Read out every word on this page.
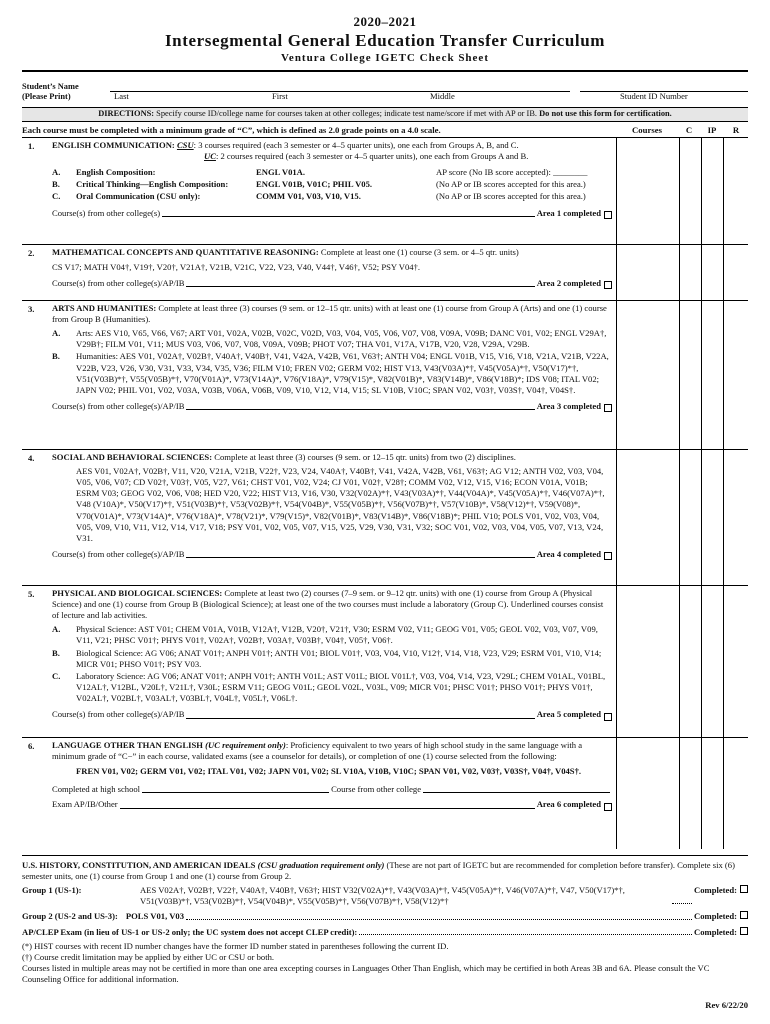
2020–2021
Intersegmental General Education Transfer Curriculum
Ventura College IGETC Check Sheet
Student’s Name
(Please Print)	Last	First	Middle	Student ID Number
DIRECTIONS: Specify course ID/college name for courses taken at other colleges; indicate test name/score if met with AP or IB. Do not use this form for certification.
Each course must be completed with a minimum grade of “C”, which is defined as 2.0 grade points on a 4.0 scale.	Courses	C	IP	R
1. ENGLISH COMMUNICATION: CSU: 3 courses required (each 3 semester or 4–5 quarter units), one each from Groups A, B, and C.
UC: 2 courses required (each 3 semester or 4–5 quarter units), one each from Groups A and B.
A.	English Composition:	ENGL V01A.	AP score (No IB score accepted): ________
B.	Critical Thinking—English Composition:	ENGL V01B, V01C; PHIL V05.	(No AP or IB scores accepted for this area.)
C.	Oral Communication (CSU only):	COMM V01, V03, V10, V15.	(No AP or IB scores accepted for this area.)
Course(s) from other college(s)	Area 1 completed
2. MATHEMATICAL CONCEPTS AND QUANTITATIVE REASONING: Complete at least one (1) course (3 sem. or 4–5 qtr. units)
CS V17; MATH V04†, V19†, V20†, V21A†, V21B, V21C, V22, V23, V40, V44†, V46†, V52; PSY V04†.
Course(s) from other college(s)/AP/IB	Area 2 completed
3. ARTS AND HUMANITIES: Complete at least three (3) courses (9 sem. or 12–15 qtr. units) with at least one (1) course from Group A (Arts) and one (1) course from Group B (Humanities).
A.	Arts: AES V10, V65, V66, V67; ART V01, V02A, V02B, V02C, V02D, V03, V04, V05, V06, V07, V08, V09A, V09B; DANC V01, V02; ENGL V29A†, V29B†; FILM V01, V11; MUS V03, V06, V07, V08, V09A, V09B; PHOT V07; THA V01, V17A, V17B, V20, V28, V29A, V29B.
B.	Humanities: AES V01, V02A†, V02B†, V40A†, V40B†, V41, V42A, V42B, V61, V63†; ANTH V04; ENGL V01B, V15, V16, V18, V21A, V21B, V22A, V22B, V23, V26, V30, V31, V33, V34, V35, V36; FILM V10; FREN V02; GERM V02; HIST V13, V43(V03A)*†, V45(V05A)*†, V50(V17)*†, V51(V03B)*†, V55(V05B)*†, V70(V01A)*, V73(V14A)*, V76(V18A)*, V79(V15)*, V82(V01B)*, V83(V14B)*, V86(V18B)*; IDS V08; ITAL V02; JAPN V02; PHIL V01, V02, V03A, V03B, V06A, V06B, V09, V10, V12, V14, V15; SL V10B, V10C; SPAN V02, V03†, V03S†, V04†, V04S†.
Course(s) from other college(s)/AP/IB	Area 3 completed
4. SOCIAL AND BEHAVIORAL SCIENCES: Complete at least three (3) courses (9 sem. or 12–15 qtr. units) from two (2) disciplines.
AES V01, V02A†, V02B†, V11, V20, V21A, V21B, V22†, V23, V24, V40A†, V40B†, V41, V42A, V42B, V61, V63†; AG V12; ANTH V02, V03, V04, V05, V06, V07; CD V02†, V03†, V05, V27, V61; CHST V01, V02, V24; CJ V01, V02†, V28†; COMM V02, V12, V15, V16; ECON V01A, V01B; ESRM V03; GEOG V02, V06, V08; HED V20, V22; HIST V13, V16, V30, V32(V02A)*†, V43(V03A)*†, V44(V04A)*, V45(V05A)*†, V46(V07A)*†, V48 (V10A)*, V50(V17)*†, V51(V03B)*†, V53(V02B)*†, V54(V04B)*, V55(V05B)*†, V56(V07B)*†, V57(V10B)*, V58(V12)*†, V59(V08)*, V70(V01A)*, V73(V14A)*, V76(V18A)*, V78(V21)*, V79(V15)*, V82(V01B)*, V83(V14B)*, V86(V18B)*; PHIL V10; POLS V01, V02, V03, V04, V05, V09, V10, V11, V12, V14, V17, V18; PSY V01, V02, V05, V07, V15, V25, V29, V30, V31, V32; SOC V01, V02, V03, V04, V05, V07, V13, V24, V31.
Course(s) from other college(s)/AP/IB	Area 4 completed
5. PHYSICAL AND BIOLOGICAL SCIENCES: Complete at least two (2) courses (7–9 sem. or 9–12 qtr. units) with one (1) course from Group A (Physical Science) and one (1) course from Group B (Biological Science); at least one of the two courses must include a laboratory (Group C). Underlined courses consist of lecture and lab activities.
A.	Physical Science: AST V01; CHEM V01A, V01B, V12A†, V12B, V20†, V21†, V30; ESRM V02, V11; GEOG V01, V05; GEOL V02, V03, V07, V09, V11, V21; PHSC V01†; PHYS V01†, V02A†, V02B†, V03A†, V03B†, V04†, V05†, V06†.
B.	Biological Science: AG V06; ANAT V01†; ANPH V01†; ANTH V01; BIOL V01†, V03, V04, V10, V12†, V14, V18, V23, V29; ESRM V01, V10, V14; MICR V01; PHSO V01†; PSY V03.
C.	Laboratory Science: AG V06; ANAT V01†; ANPH V01†; ANTH V01L; AST V01L; BIOL V01L†, V03, V04, V14, V23, V29L; CHEM V01AL, V01BL, V12AL†, V12BL, V20L†, V21L†, V30L; ESRM V11; GEOG V01L; GEOL V02L, V03L, V09; MICR V01; PHSC V01†; PHSO V01†; PHYS V01†, V02AL†, V02BL†, V03AL†, V03BL†, V04L†, V05L†, V06L†.
Course(s) from other college(s)/AP/IB	Area 5 completed
6. LANGUAGE OTHER THAN ENGLISH (UC requirement only): Proficiency equivalent to two years of high school study in the same language with a minimum grade of “C−” in each course, validated exams (see a counselor for details), or completion of one (1) course selected from the following:
FREN V01, V02; GERM V01, V02; ITAL V01, V02; JAPN V01, V02; SL V10A, V10B, V10C; SPAN V01, V02, V03†, V03S†, V04†, V04S†.
Completed at high school	Course from other college
Exam AP/IB/Other	Area 6 completed
U.S. HISTORY, CONSTITUTION, AND AMERICAN IDEALS (CSU graduation requirement only) (These are not part of IGETC but are recommended for completion before transfer). Complete six (6) semester units, one (1) course from Group 1 and one (1) course from Group 2.
Group 1 (US-1):	AES V02A†, V02B†, V22†, V40A†, V40B†, V63†; HIST V32(V02A)*†, V43(V03A)*†, V45(V05A)*†, V46(V07A)*†, V47, V50(V17)*†, V51(V03B)*†, V53(V02B)*†, V54(V04B)*, V55(V05B)*†, V56(V07B)*†, V58(V12)*†
Completed:
Group 2 (US-2 and US-3): POLS V01, V03	Completed:
AP/CLEP Exam (in lieu of US-1 or US-2 only; the UC system does not accept CLEP credit):	Completed:
(*) HIST courses with recent ID number changes have the former ID number stated in parentheses following the current ID.
(†) Course credit limitation may be applied by either UC or CSU or both.
Courses listed in multiple areas may not be certified in more than one area excepting courses in Languages Other Than English, which may be certified in both Areas 3B and 6A. Please consult the VC Counseling Office for additional information.
Rev 6/22/20
